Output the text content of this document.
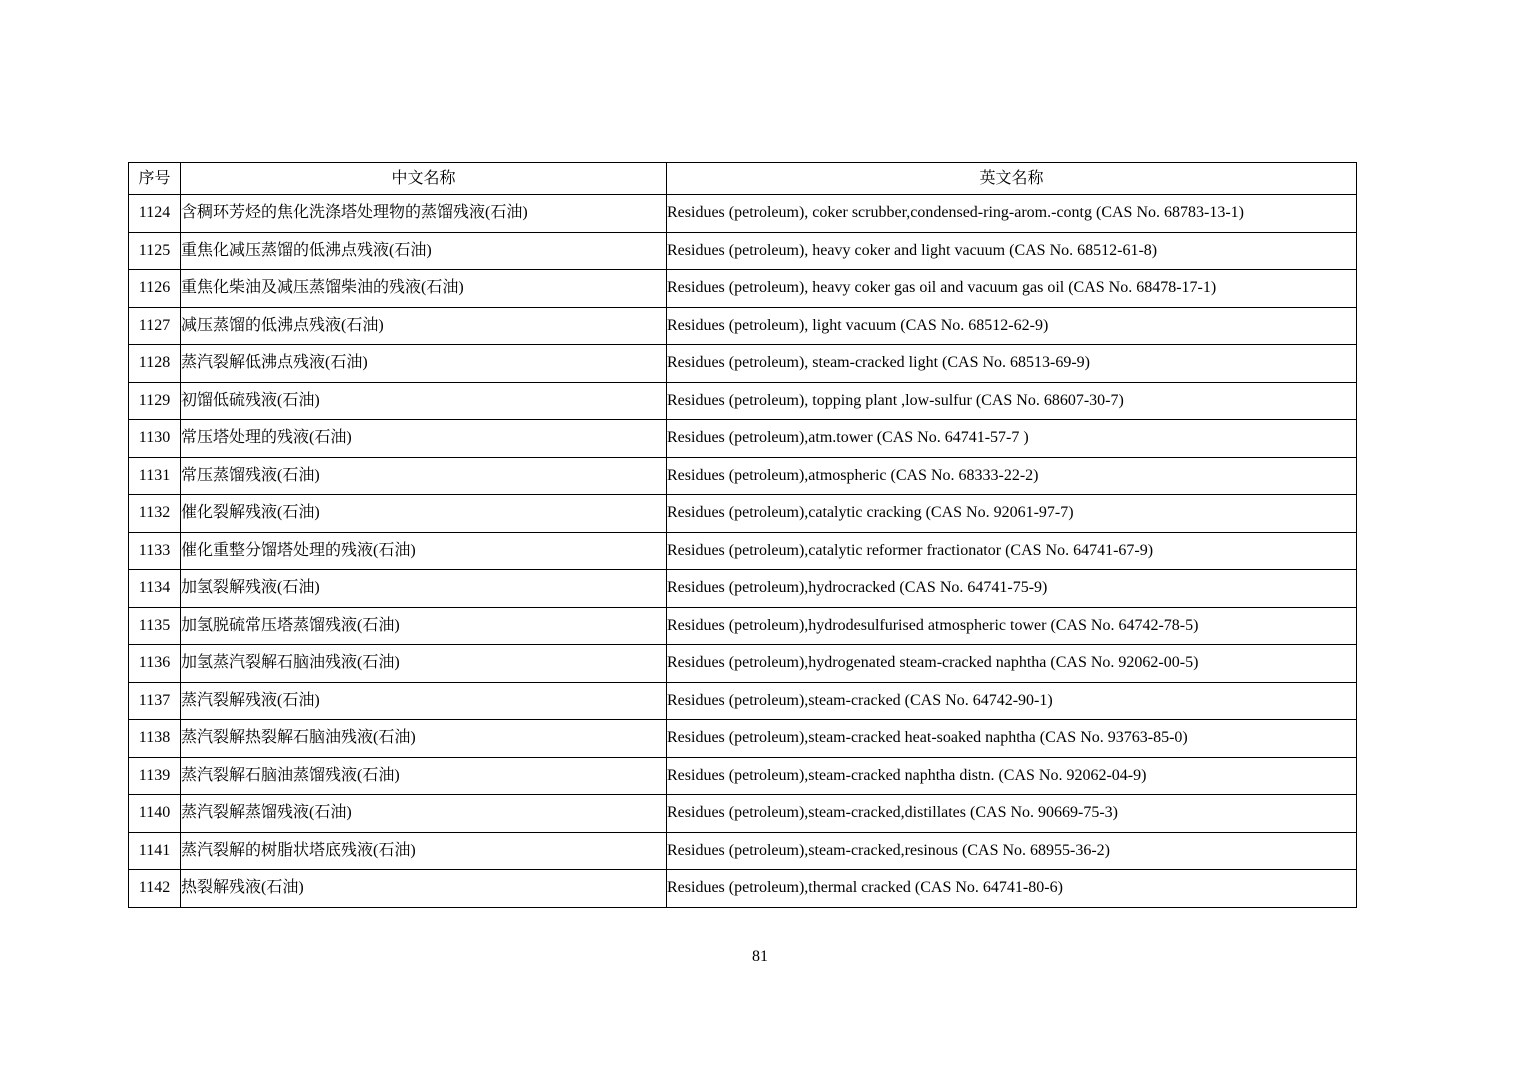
序号	中文名称	英文名称
1124	含稠环芳烃的焦化洗涤塔处理物的蒸馏残液(石油)	Residues (petroleum), coker scrubber,condensed-ring-arom.-contg (CAS No. 68783-13-1)
1125	重焦化减压蒸馏的低沸点残液(石油)	Residues (petroleum), heavy coker and light vacuum (CAS No. 68512-61-8)
1126	重焦化柴油及减压蒸馏柴油的残液(石油)	Residues (petroleum), heavy coker gas oil and vacuum gas oil (CAS No. 68478-17-1)
1127	减压蒸馏的低沸点残液(石油)	Residues (petroleum), light vacuum (CAS No. 68512-62-9)
1128	蒸汽裂解低沸点残液(石油)	Residues (petroleum), steam-cracked light (CAS No. 68513-69-9)
1129	初馏低硫残液(石油)	Residues (petroleum), topping plant ,low-sulfur (CAS No. 68607-30-7)
1130	常压塔处理的残液(石油)	Residues (petroleum),atm.tower (CAS No. 64741-57-7 )
1131	常压蒸馏残液(石油)	Residues (petroleum),atmospheric (CAS No. 68333-22-2)
1132	催化裂解残液(石油)	Residues (petroleum),catalytic cracking (CAS No. 92061-97-7)
1133	催化重整分馏塔处理的残液(石油)	Residues (petroleum),catalytic reformer fractionator (CAS No. 64741-67-9)
1134	加氢裂解残液(石油)	Residues (petroleum),hydrocracked (CAS No. 64741-75-9)
1135	加氢脱硫常压塔蒸馏残液(石油)	Residues (petroleum),hydrodesulfurised atmospheric tower (CAS No. 64742-78-5)
1136	加氢蒸汽裂解石脑油残液(石油)	Residues (petroleum),hydrogenated steam-cracked naphtha (CAS No. 92062-00-5)
1137	蒸汽裂解残液(石油)	Residues (petroleum),steam-cracked (CAS No. 64742-90-1)
1138	蒸汽裂解热裂解石脑油残液(石油)	Residues (petroleum),steam-cracked heat-soaked naphtha (CAS No. 93763-85-0)
1139	蒸汽裂解石脑油蒸馏残液(石油)	Residues (petroleum),steam-cracked naphtha distn. (CAS No. 92062-04-9)
1140	蒸汽裂解蒸馏残液(石油)	Residues (petroleum),steam-cracked,distillates (CAS No. 90669-75-3)
1141	蒸汽裂解的树脂状塔底残液(石油)	Residues (petroleum),steam-cracked,resinous (CAS No. 68955-36-2)
1142	热裂解残液(石油)	Residues (petroleum),thermal cracked (CAS No. 64741-80-6)
81
